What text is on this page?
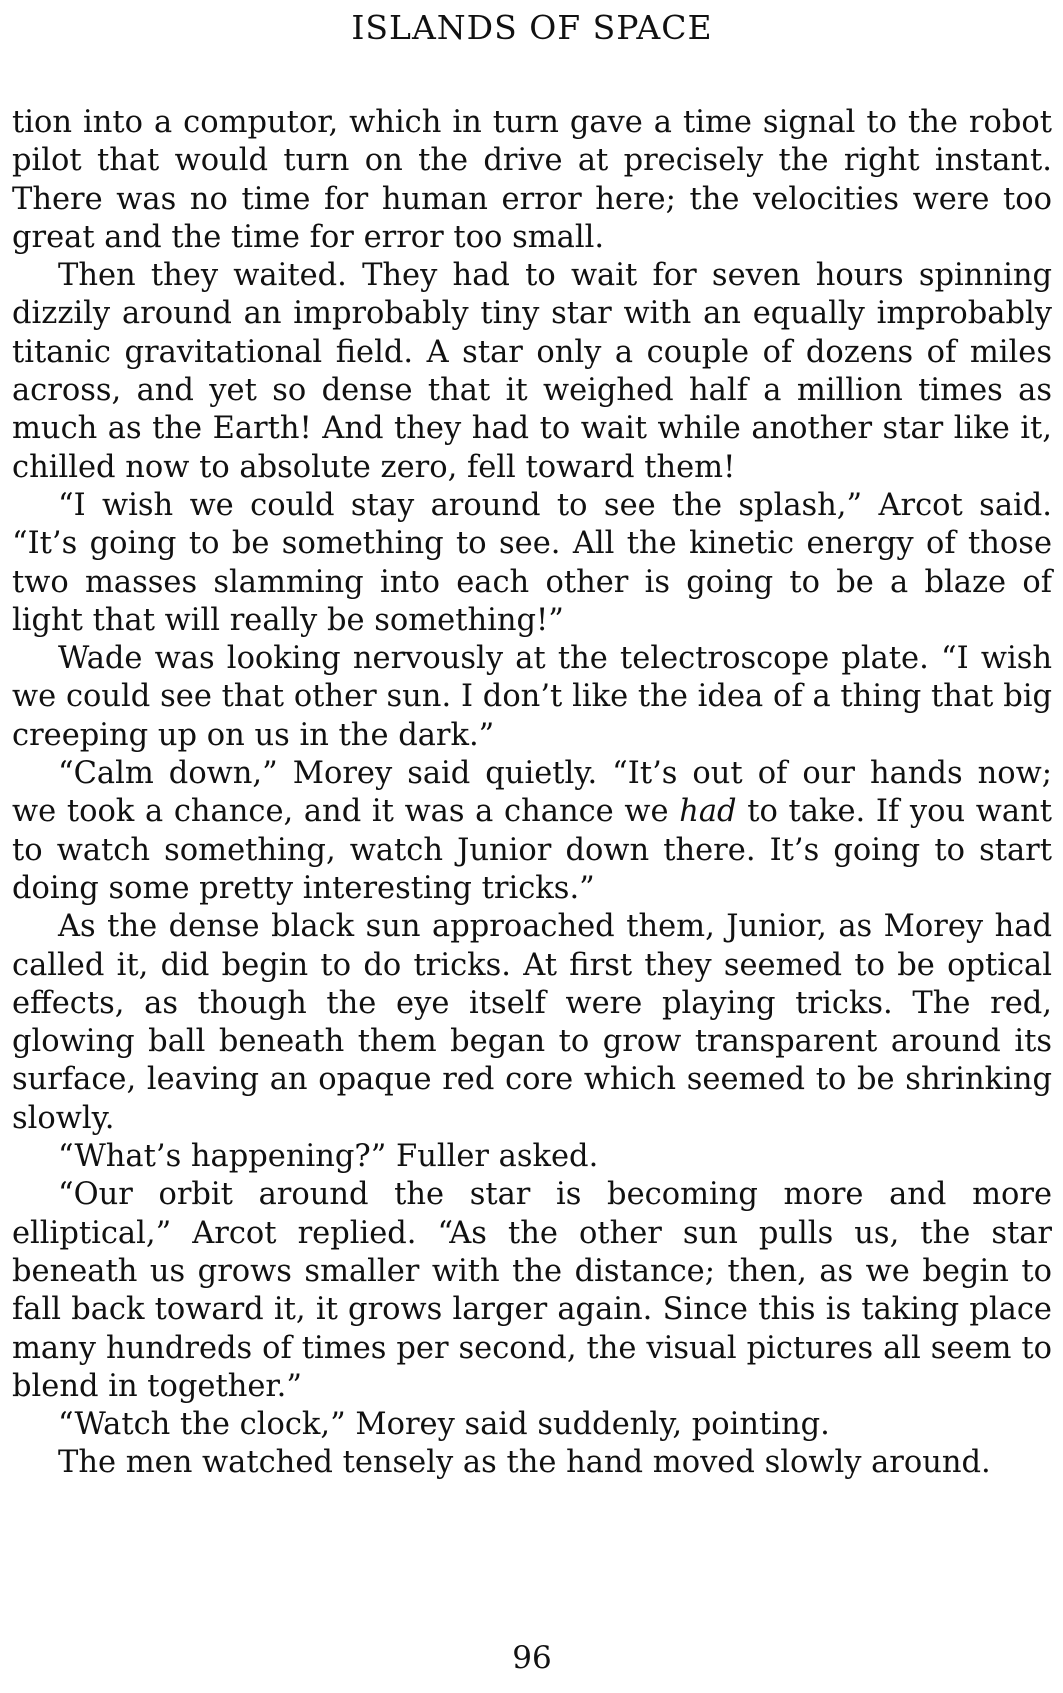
ISLANDS OF SPACE

tion into a computor, which in turn gave a time signal to the robot pilot that would turn on the drive at precisely the right instant. There was no time for human error here; the velocities were too great and the time for error too small.

Then they waited. They had to wait for seven hours spinning dizzily around an improbably tiny star with an equally improbably titanic gravitational field. A star only a couple of dozens of miles across, and yet so dense that it weighed half a million times as much as the Earth! And they had to wait while another star like it, chilled now to absolute zero, fell toward them!

“I wish we could stay around to see the splash,” Arcot said. “It’s going to be something to see. All the kinetic energy of those two masses slamming into each other is going to be a blaze of light that will really be something!”

Wade was looking nervously at the telectroscope plate. “I wish we could see that other sun. I don’t like the idea of a thing that big creeping up on us in the dark.”

“Calm down,” Morey said quietly. “It’s out of our hands now; we took a chance, and it was a chance we had to take. If you want to watch something, watch Junior down there. It’s going to start doing some pretty interesting tricks.”

As the dense black sun approached them, Junior, as Morey had called it, did begin to do tricks. At first they seemed to be optical effects, as though the eye itself were playing tricks. The red, glowing ball beneath them began to grow transparent around its surface, leaving an opaque red core which seemed to be shrinking slowly.

“What’s happening?” Fuller asked.

“Our orbit around the star is becoming more and more elliptical,” Arcot replied. “As the other sun pulls us, the star beneath us grows smaller with the distance; then, as we begin to fall back toward it, it grows larger again. Since this is taking place many hundreds of times per second, the visual pictures all seem to blend in together.”

“Watch the clock,” Morey said suddenly, pointing.

The men watched tensely as the hand moved slowly around.

96
